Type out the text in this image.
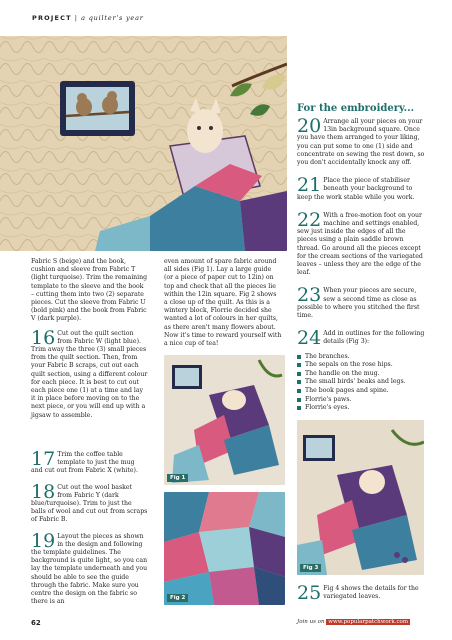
PROJECT | a quilter's year

Fabric S (beige) and the book, cushion and sleeve from Fabric T (light turquoise). Trim the remaining template to the sleeve and the book – cutting them into two (2) separate pieces. Cut the sleeve from Fabric U (bold pink) and the book from Fabric V (dark purple).

16 Cut out the quilt section from Fabric W (light blue). Trim away the three (3) small pieces from the quilt section. Then, from your Fabric B scraps, cut out each quilt section, using a different colour for each piece. It is best to cut out each piece one (1) at a time and lay it in place before moving on to the next piece, or you will end up with a jigsaw to assemble.
17 Trim the coffee table template to just the mug and cut out from Fabric X (white).
18 Cut out the wool basket from Fabric Y (dark blue/turquoise). Trim to just the balls of wool and cut out from scraps of Fabric B.
19 Layout the pieces as shown in the design and following the template guidelines. The background is quite light, so you can lay the template underneath and you should be able to see the guide through the fabric. Make sure you centre the design on the fabric so there is an

even amount of spare fabric around all sides (Fig 1). Lay a large guide (or a piece of paper cut to 12in) on top and check that all the pieces lie within the 12in square. Fig 2 shows a close up of the quilt. As this is a wintery block, Florrie decided she wanted a lot of colours in her quilts, as there aren't many flowers about. Now it's time to reward yourself with a nice cup of tea!

Fig 1
Fig 2
For the embroidery...
20 Arrange all your pieces on your 13in background square. Once you have them arranged to your liking, you can put some to one (1) side and concentrate on sewing the rest down, so you don't accidentally knock any off.
21 Place the piece of stabiliser beneath your background to keep the work stable while you work.
22 With a free-motion foot on your machine and settings enabled, sew just inside the edges of all the pieces using a plain saddle brown thread. Go around all the pieces except for the cream sections of the variegated leaves – unless they are the edge of the leaf.
23 When your pieces are secure, sew a second time as close as possible to where you stitched the first time.
24 Add in outlines for the following details (Fig 3):
The branches.
The sepals on the rose hips.
The handle on the mug.
The small birds' beaks and legs.
The book pages and spine.
Florrie's paws.
Florrie's eyes.
Fig 3
25 Fig 4 shows the details for the variegated leaves.
62	Join us on www.popularpatchwork.com
